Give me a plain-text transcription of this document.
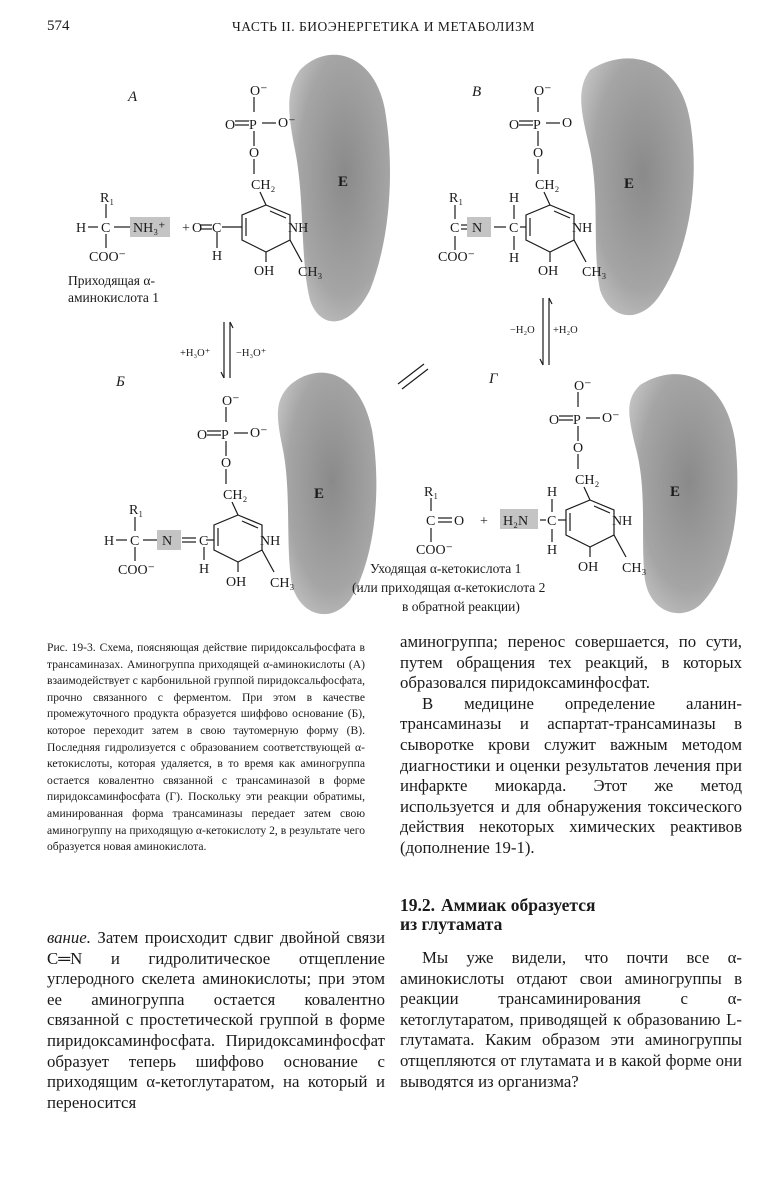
574	ЧАСТЬ II. БИОЭНЕРГЕТИКА И МЕТАБОЛИЗМ
E	E
E	E
А	В
Б	Г
O⁻
O P O⁻
O
CH₂
NH
O C
H
OH CH₃
R₁
H C NH₃⁺
COO⁻
+
O⁻
O P O
O
CH₂
NH
H
C
H
N
OH CH₃
R₁
C
COO⁻
O⁻
O P O⁻
O
CH₂
NH
C
H
N
OH CH₃
R₁
H C
COO⁻
O⁻
O P O⁻
O
CH₂
NH
H
C
H
H₂N
OH CH₃
R₁
C O
COO⁻
+
+H₃O⁺ −H₃O⁺
−H₂O +H₂O
Приходящая α-
аминокислота 1
Уходящая α-кетокислота 1
(или приходящая α-кетокислота 2
в обратной реакции)
Рис. 19-3. Схема, поясняющая действие пиридоксальфосфата в трансаминазах. Аминогруппа приходящей α-аминокислоты (А) взаимодействует с карбонильной группой пиридоксальфосфата, прочно связанного с ферментом. При этом в качестве промежуточного продукта образуется шиффово основание (Б), которое переходит затем в свою таутомерную форму (В). Последняя гидролизуется с образованием соответствующей α-кетокислоты, которая удаляется, в то время как аминогруппа остается ковалентно связанной с трансаминазой в форме пиридоксаминфосфата (Г). Поскольку эти реакции обратимы, аминированная форма трансаминазы передает затем свою аминогруппу на приходящую α-кетокислоту 2, в результате чего образуется новая аминокислота.

аминогруппа; перенос совершается, по сути, путем обращения тех реакций, в которых образовался пиридоксаминфосфат.

В медицине определение аланин-трансаминазы и аспартат-трансаминазы в сыворотке крови служит важным методом диагностики и оценки результатов лечения при инфаркте миокарда. Этот же метод используется и для обнаружения токсического действия некоторых химических реактивов (дополнение 19-1).

19.2. Аммиак образуется
из глутамата

Мы уже видели, что почти все α-аминокислоты отдают свои аминогруппы в реакции трансаминирования с α-кетоглутаратом, приводящей к образованию L-глутамата. Каким образом эти аминогруппы отщепляются от глутамата и в какой форме они выводятся из организма?

вание. Затем происходит сдвиг двойной связи C═N и гидролитическое отщепление углеродного скелета аминокислоты; при этом ее аминогруппа остается ковалентно связанной с простетической группой в форме пиридоксаминфосфата. Пиридоксаминфосфат образует теперь шиффово основание с приходящим α-кетоглутаратом, на который и переносится
